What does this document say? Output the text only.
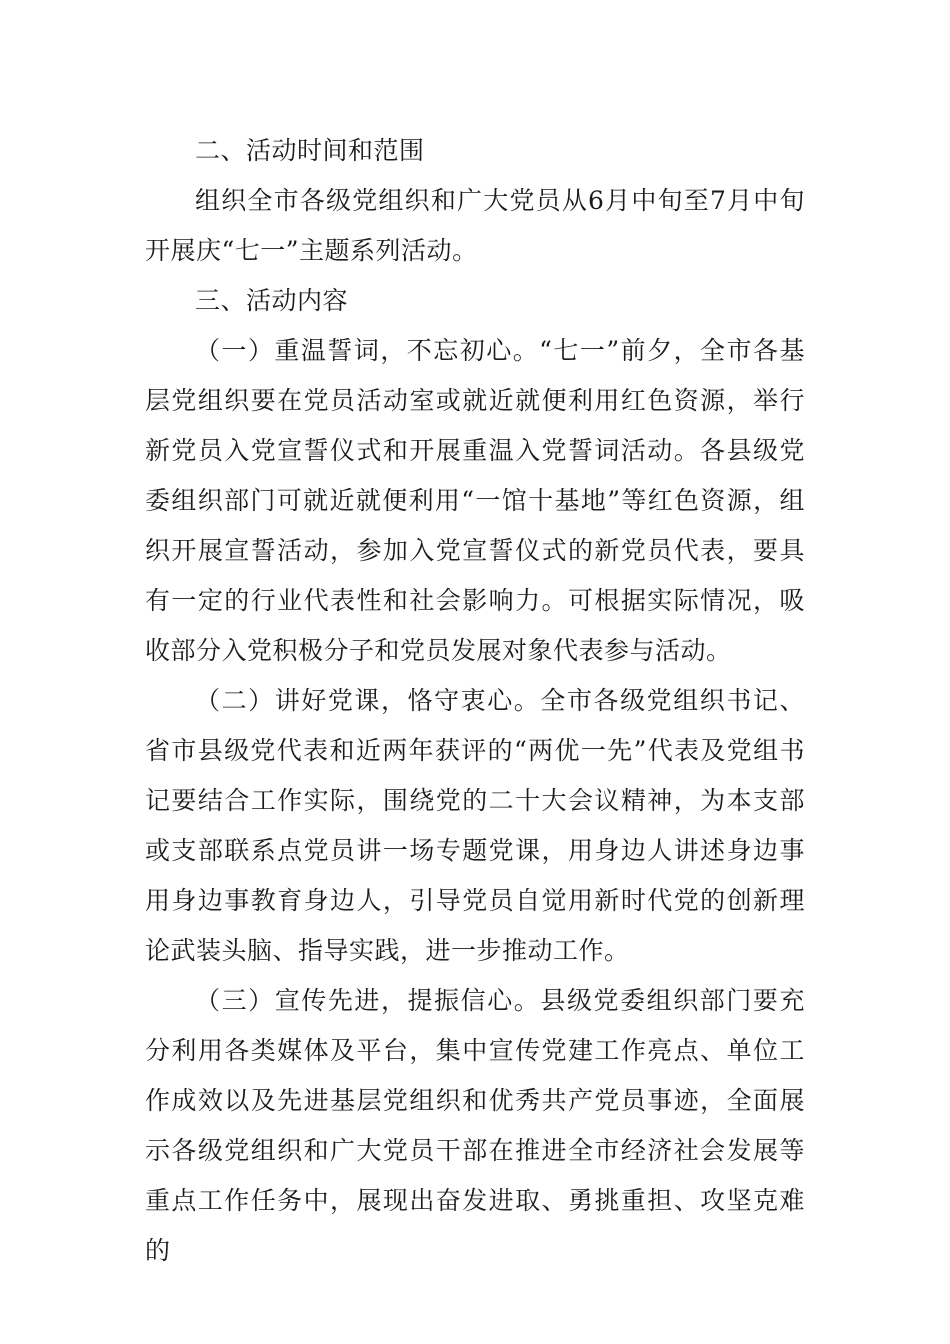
二、活动时间和范围

组织全市各级党组织和广大党员从6月中旬至7月中旬开展庆“七一”主题系列活动。

三、活动内容

（一）重温誓词，不忘初心。“七一”前夕，全市各基层党组织要在党员活动室或就近就便利用红色资源，举行新党员入党宣誓仪式和开展重温入党誓词活动。各县级党委组织部门可就近就便利用“一馆十基地”等红色资源，组织开展宣誓活动，参加入党宣誓仪式的新党员代表，要具有一定的行业代表性和社会影响力。可根据实际情况，吸收部分入党积极分子和党员发展对象代表参与活动。

（二）讲好党课，恪守衷心。全市各级党组织书记、省市县级党代表和近两年获评的“两优一先”代表及党组书记要结合工作实际，围绕党的二十大会议精神，为本支部或支部联系点党员讲一场专题党课，用身边人讲述身边事用身边事教育身边人，引导党员自觉用新时代党的创新理论武装头脑、指导实践，进一步推动工作。

（三）宣传先进，提振信心。县级党委组织部门要充分利用各类媒体及平台，集中宣传党建工作亮点、单位工作成效以及先进基层党组织和优秀共产党员事迹，全面展示各级党组织和广大党员干部在推进全市经济社会发展等重点工作任务中，展现出奋发进取、勇挑重担、攻坚克难的
